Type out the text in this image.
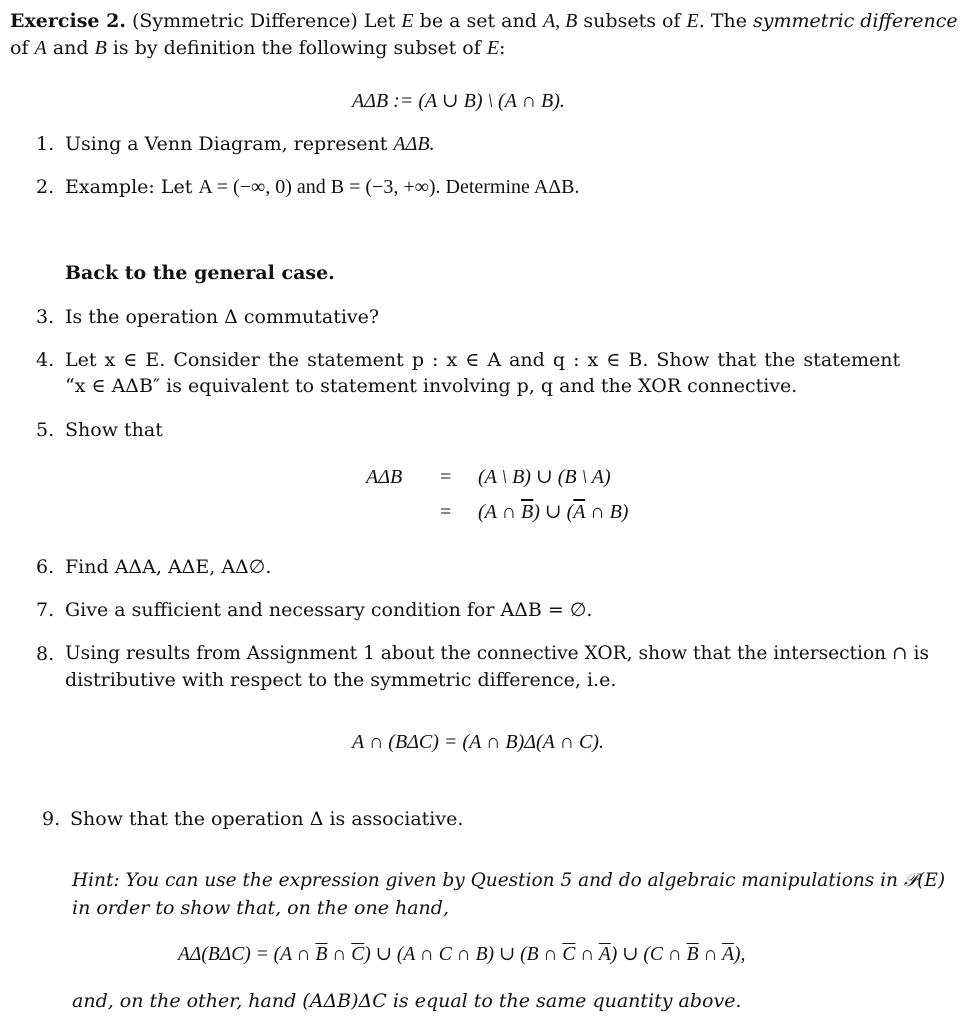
Exercise 2. (Symmetric Difference) Let E be a set and A, B subsets of E. The symmetric difference
of A and B is by definition the following subset of E:
AΔB := (A ∪ B) \ (A ∩ B).
1. Using a Venn Diagram, represent AΔB.
2. Example: Let A = (−∞, 0) and B = (−3, +∞). Determine AΔB.
Back to the general case.
3. Is the operation Δ commutative?
4. Let x ∈ E. Consider the statement p : x ∈ A and q : x ∈ B. Show that the statement
“x ∈ AΔB″ is equivalent to statement involving p, q and the XOR connective.
5. Show that
AΔB = (A \ B) ∪ (B \ A)
= (A ∩ $\overline{B}$) ∪ ($\overline{A}$ ∩ B)
6. Find AΔA, AΔE, AΔ∅.
7. Give a sufficient and necessary condition for AΔB = ∅.
8. Using results from Assignment 1 about the connective XOR, show that the intersection ∩ is
distributive with respect to the symmetric difference, i.e.
A ∩ (BΔC) = (A ∩ B)Δ(A ∩ C).
9. Show that the operation Δ is associative.
Hint: You can use the expression given by Question 5 and do algebraic manipulations in 𝒫(E)
in order to show that, on the one hand,
AΔ(BΔC) = (A ∩ $\overline{B}$ ∩ $\overline{C}$) ∪ (A ∩ C ∩ B) ∪ (B ∩ $\overline{C}$ ∩ $\overline{A}$) ∪ (C ∩ $\overline{B}$ ∩ $\overline{A}$),
and, on the other, hand (AΔB)ΔC is equal to the same quantity above.
